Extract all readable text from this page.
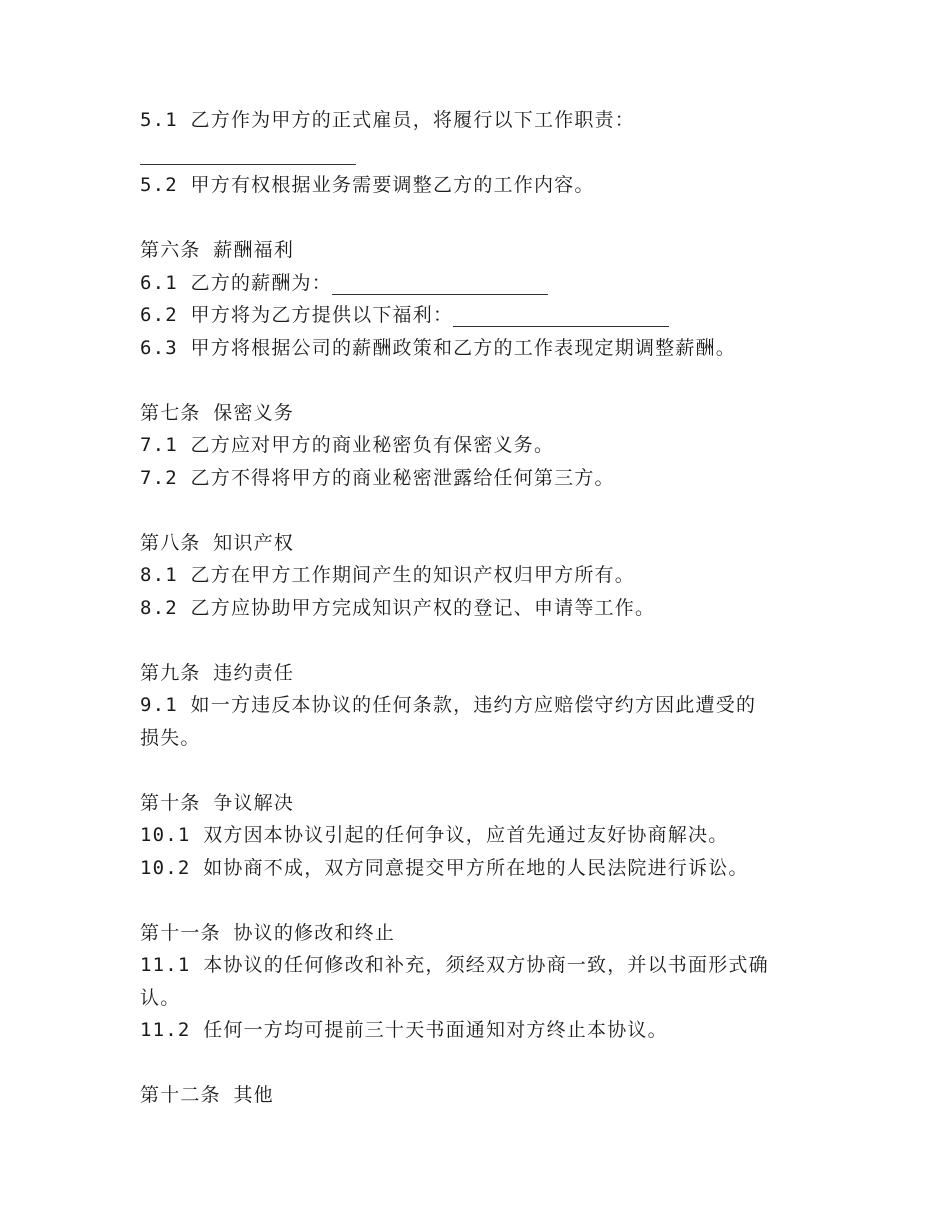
5.1 乙方作为甲方的正式雇员，将履行以下工作职责：
5.2 甲方有权根据业务需要调整乙方的工作内容。
第六条 薪酬福利
6.1 乙方的薪酬为：
6.2 甲方将为乙方提供以下福利：
6.3 甲方将根据公司的薪酬政策和乙方的工作表现定期调整薪酬。
第七条 保密义务
7.1 乙方应对甲方的商业秘密负有保密义务。
7.2 乙方不得将甲方的商业秘密泄露给任何第三方。
第八条 知识产权
8.1 乙方在甲方工作期间产生的知识产权归甲方所有。
8.2 乙方应协助甲方完成知识产权的登记、申请等工作。
第九条 违约责任
9.1 如一方违反本协议的任何条款，违约方应赔偿守约方因此遭受的
损失。
第十条 争议解决
10.1 双方因本协议引起的任何争议，应首先通过友好协商解决。
10.2 如协商不成，双方同意提交甲方所在地的人民法院进行诉讼。
第十一条 协议的修改和终止
11.1 本协议的任何修改和补充，须经双方协商一致，并以书面形式确
认。
11.2 任何一方均可提前三十天书面通知对方终止本协议。
第十二条 其他
